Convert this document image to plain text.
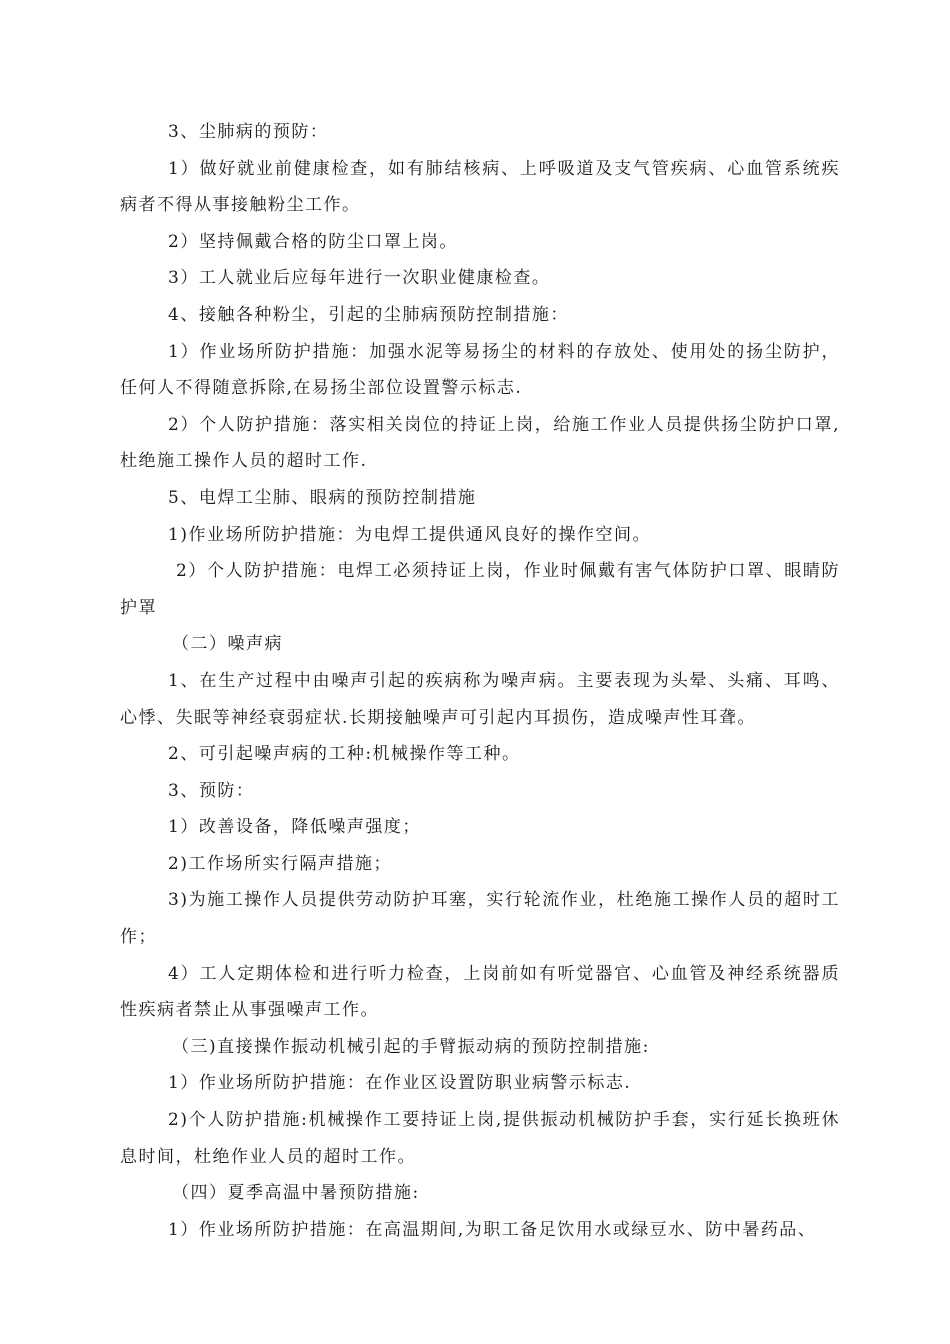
3、尘肺病的预防：

1）做好就业前健康检查，如有肺结核病、上呼吸道及支气管疾病、心血管系统疾病者不得从事接触粉尘工作。

2）坚持佩戴合格的防尘口罩上岗。

3）工人就业后应每年进行一次职业健康检查。

4、接触各种粉尘，引起的尘肺病预防控制措施：

1）作业场所防护措施：加强水泥等易扬尘的材料的存放处、使用处的扬尘防护，任何人不得随意拆除,在易扬尘部位设置警示标志.

2）个人防护措施：落实相关岗位的持证上岗，给施工作业人员提供扬尘防护口罩,杜绝施工操作人员的超时工作.

5、电焊工尘肺、眼病的预防控制措施

1)作业场所防护措施：为电焊工提供通风良好的操作空间。

2）个人防护措施：电焊工必须持证上岗，作业时佩戴有害气体防护口罩、眼睛防护罩

（二）噪声病

1、在生产过程中由噪声引起的疾病称为噪声病。主要表现为头晕、头痛、耳鸣、心悸、失眠等神经衰弱症状.长期接触噪声可引起内耳损伤，造成噪声性耳聋。

2、可引起噪声病的工种:机械操作等工种。

3、预防：

1）改善设备，降低噪声强度；

2)工作场所实行隔声措施；

3)为施工操作人员提供劳动防护耳塞，实行轮流作业，杜绝施工操作人员的超时工作；

4）工人定期体检和进行听力检查，上岗前如有听觉器官、心血管及神经系统器质性疾病者禁止从事强噪声工作。

（三)直接操作振动机械引起的手臂振动病的预防控制措施:

1）作业场所防护措施：在作业区设置防职业病警示标志.

2)个人防护措施:机械操作工要持证上岗,提供振动机械防护手套，实行延长换班休息时间，杜绝作业人员的超时工作。

（四）夏季高温中暑预防措施:

1）作业场所防护措施：在高温期间,为职工备足饮用水或绿豆水、防中暑药品、
